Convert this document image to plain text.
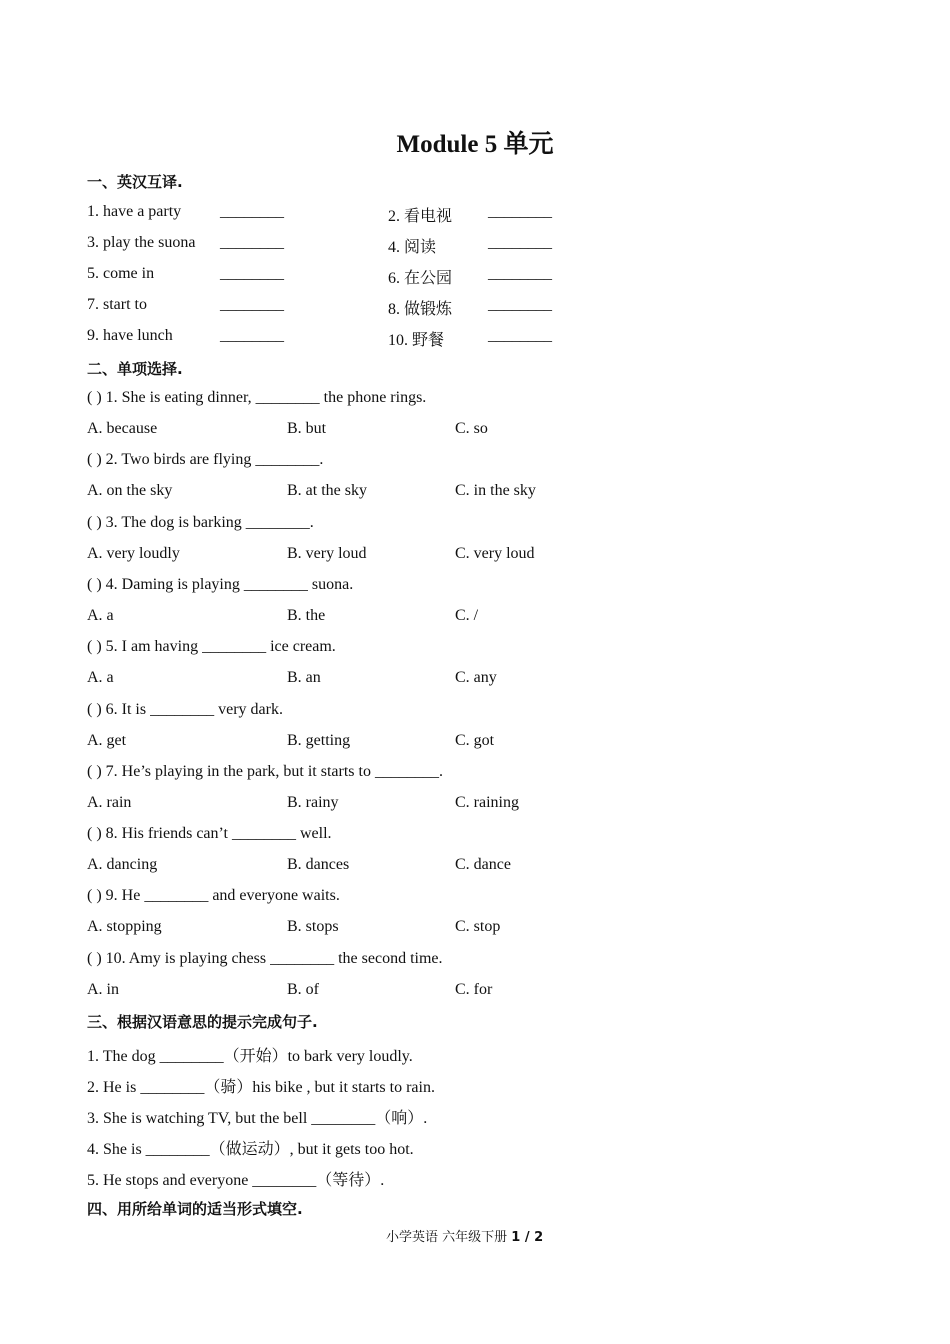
Module 5 单元
一、英汉互译.
1. have a party ________	2. 看电视 ________
3. play the suona ________	4. 阅读	________
5. come in	________	6. 在公园 ________
7. start to	________	8. 做锻炼 ________
9. have lunch	________	10. 野餐	________
二、单项选择.
( ) 1. She is eating dinner, ________ the phone rings.
A. because	B. but	C. so
( ) 2. Two birds are flying ________.
A. on the sky	B. at the sky	C. in the sky
( ) 3. The dog is barking ________.
A. very loudly	B. very loud	C. very loud
( ) 4. Daming is playing ________ suona.
A. a	B. the	C. /
( ) 5. I am having ________ ice cream.
A. a	B. an	C. any
( ) 6. It is ________ very dark.
A. get	B. getting	C. got
( ) 7. He’s playing in the park, but it starts to ________.
A. rain	B. rainy	C. raining
( ) 8. His friends can’t ________ well.
A. dancing	B. dances	C. dance
( ) 9. He ________ and everyone waits.
A. stopping	B. stops	C. stop
( ) 10. Amy is playing chess ________ the second time.
A. in	B. of	C. for
三、根据汉语意思的提示完成句子.
1. The dog ________（开始）to bark very loudly.
2. He is ________（骑）his bike , but it starts to rain.
3. She is watching TV, but the bell ________（响）.
4. She is ________（做运动）, but it gets too hot.
5. He stops and everyone ________（等待）.
四、用所给单词的适当形式填空.
小学英语 六年级下册 1 / 2
